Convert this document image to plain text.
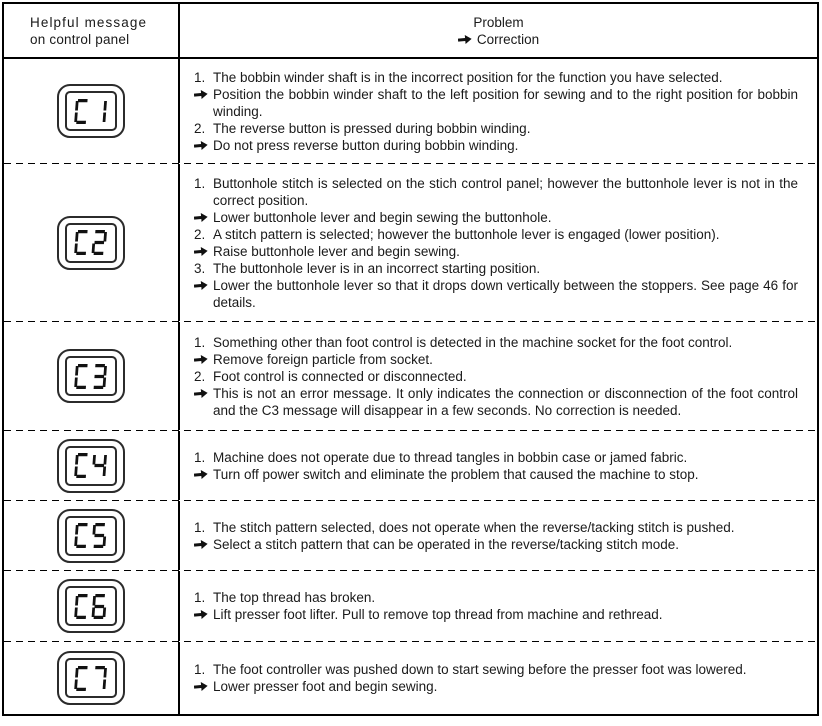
Helpful message
on control panel
Problem
Correction
1. The bobbin winder shaft is in the incorrect position for the function you have selected.
Position the bobbin winder shaft to the left position for sewing and to the right position for bobbin winding.
2. The reverse button is pressed during bobbin winding.
Do not press reverse button during bobbin winding.
1. Buttonhole stitch is selected on the stich control panel; however the buttonhole lever is not in the correct position.
Lower buttonhole lever and begin sewing the buttonhole.
2. A stitch pattern is selected; however the buttonhole lever is engaged (lower position).
Raise buttonhole lever and begin sewing.
3. The buttonhole lever is in an incorrect starting position.
Lower the buttonhole lever so that it drops down vertically between the stoppers. See page 46 for details.
1. Something other than foot control is detected in the machine socket for the foot control.
Remove foreign particle from socket.
2. Foot control is connected or disconnected.
This is not an error message. It only indicates the connection or disconnection of the foot control and the C3 message will disappear in a few seconds. No correction is needed.
1. Machine does not operate due to thread tangles in bobbin case or jamed fabric.
Turn off power switch and eliminate the problem that caused the machine to stop.
1. The stitch pattern selected, does not operate when the reverse/tacking stitch is pushed.
Select a stitch pattern that can be operated in the reverse/tacking stitch mode.
1. The top thread has broken.
Lift presser foot lifter. Pull to remove top thread from machine and rethread.
1. The foot controller was pushed down to start sewing before the presser foot was lowered.
Lower presser foot and begin sewing.
